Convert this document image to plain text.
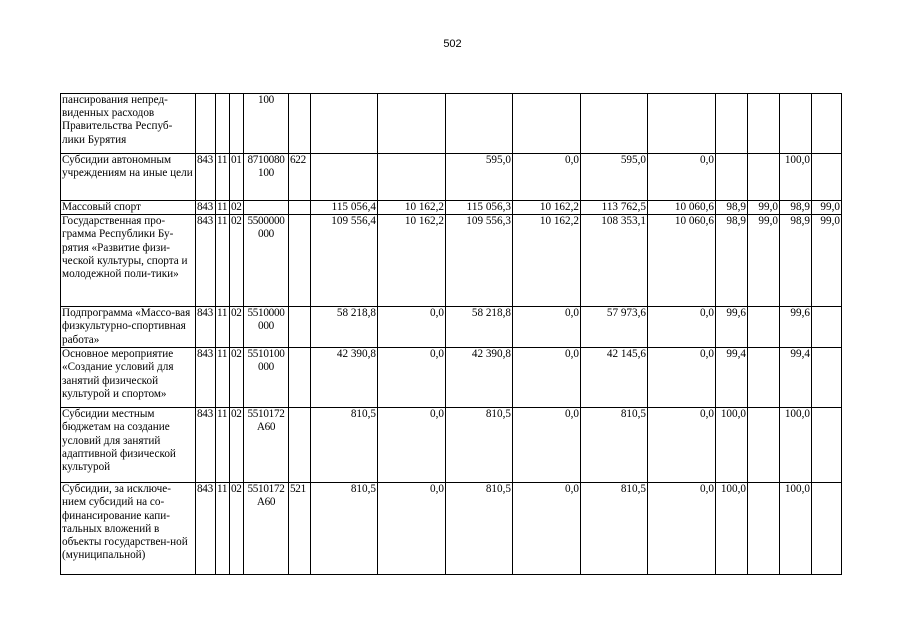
502
пансирования непред-виденных расходов Правительства Респуб-лики Бурятия				100											
Субсидии автономным учреждениям на иные цели	843	11	01	8710080 100	622			595,0	0,0	595,0	0,0			100,0	
Массовый спорт	843	11	02			115 056,4	10 162,2	115 056,3	10 162,2	113 762,5	10 060,6	98,9	99,0	98,9	99,0
Государственная про-грамма Республики Бу-рятия «Развитие физи-ческой культуры, спорта и молодежной поли-тики»	843	11	02	5500000 000		109 556,4	10 162,2	109 556,3	10 162,2	108 353,1	10 060,6	98,9	99,0	98,9	99,0
Подпрограмма «Массо-вая физкультурно-спортивная работа»	843	11	02	5510000 000		58 218,8	0,0	58 218,8	0,0	57 973,6	0,0	99,6		99,6	
Основное мероприятие «Создание условий для занятий физической культурой и спортом»	843	11	02	5510100 000		42 390,8	0,0	42 390,8	0,0	42 145,6	0,0	99,4		99,4	
Субсидии местным бюджетам на создание условий для занятий адаптивной физической культурой	843	11	02	5510172 А60		810,5	0,0	810,5	0,0	810,5	0,0	100,0		100,0	
Субсидии, за исключе-нием субсидий на со-финансирование капи-тальных вложений в объекты государствен-ной (муниципальной)	843	11	02	5510172 А60	521	810,5	0,0	810,5	0,0	810,5	0,0	100,0		100,0	
